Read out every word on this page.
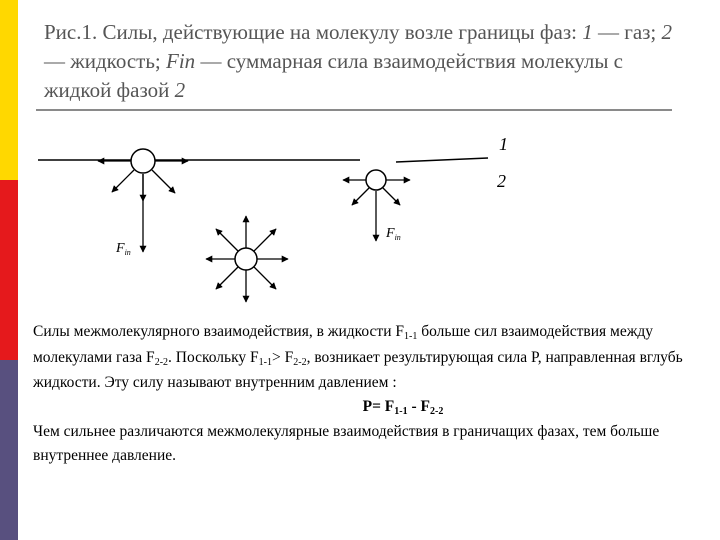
Рис.1. Силы, действующие на молекулу возле границы фаз: 1 — газ; 2 — жидкость; Fin — суммарная сила взаимодействия молекулы с жидкой фазой 2
1
2
$F_{in}$
$F_{in}$

Силы межмолекулярного взаимодействия, в жидкости F1-1 больше сил взаимодействия между молекулами газа F2-2. Поскольку F1-1> F2-2, возникает результирующая сила Р, направленная вглубь жидкости. Эту силу называют внутренним давлением :

P= F1-1 - F2-2

Чем сильнее различаются межмолекулярные взаимодействия в граничащих фазах, тем больше внутреннее давление.
